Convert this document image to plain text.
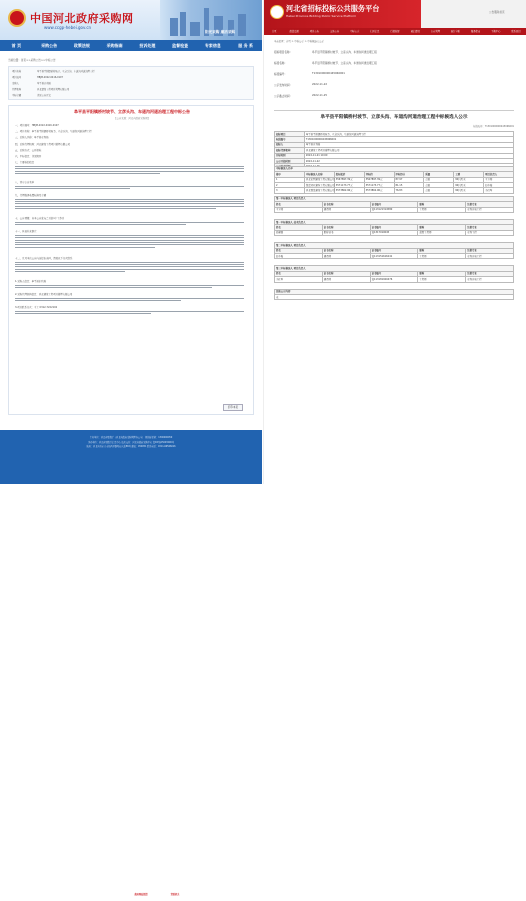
中国河北政府采购网
www.ccgp-hebei.gov.cn
阳光采购 廉洁采购
首 页	采购公告	政策法规	采购指南	投诉处理	监督检查	专家信息	服 务 系
当前位置：首页>>采购公告>>中标公告
项目名称	阜平县平阳镇桥村坡节、立彦头沟、车道沟河道治理工程
项目编号	HBJM-2022-0416-0107
采购人	阜平县水利局
代理机构	河北建设工程项目管理有限公司
中标金额	详见公告正文
阜平县平阳镇桥村坡节、立彦头沟、车道沟河道治理工程中标公告
【公告来源：河北省政府采购网】
打印本页
一、项目编号：HBJM-2022-0416-0107
二、项目名称：阜平县平阳镇桥村坡节、立彦头沟、车道沟河道治理工程
三、采购人名称：阜平县水利局
四、采购代理机构：河北建设工程项目管理有限公司
五、采购方式：公开招标
六、中标信息：详见附件
七、主要标的信息
八、评审专家名单
九、代理服务收费标准及金额
十、公告期限：自本公告发布之日起1个工作日
十一、其他补充事宜
十二、凡对本次公告内容提出询问，请按以下方式联系
1.采购人信息：阜平县水利局
2.采购代理机构信息：河北建设工程项目管理有限公司
3.项目联系方式：王工 0312-7222102
主办单位：河北省财政厅（河北省政府采购管理办公室） 网站标识码：1300000059
承办单位：河北省财政厅信息中心 技术支持：河北省政府采购中心 冀ICP备05003290号
地址：河北省石家庄市桥西区维明南大街88号 邮编：050051 联系电话：0311-66566016
政府网站找错	党政机关
河北省招标投标公共服务平台
Hebei Province Bidding Public Service Platform
公告服务首页
首页	政策法规	项目公告	交易公告	中标公示	信用信息	行政监督	诚信建设	专家管理	统计分析	服务指南	下载中心	联系我们
当前位置：首页 > 中标公示 > 中标候选人公示
招标项目名称：	阜平县平阳镇桥村坡节、立彦头沟、车道沟河道治理工程
标段名称：	阜平县平阳镇桥村坡节、立彦头沟、车道沟河道治理工程
标段编号：	T1301000000445066001
公示发布时间：	2022-11-22
公示截止时间：	2022-11-25
阜平县平阳镇桥村坡节、立彦头沟、车道沟河道治理工程中标候选人公示
标段编号：T1301000000445066001
招标项目	阜平县平阳镇桥村坡节、立彦头沟、车道沟河道治理工程
标段编号	T1301000000445066001
招标人	阜平县水利局
招标代理机构	河北建设工程项目管理有限公司
开标时间	2022-11-21 10:00
公示开始时间	2022-11-22

中标候选人名单							
排序	中标候选人名称	投标报价	评标价	评标得分	质量	工期	项目负责人
1	河北宏图建设工程有限公司	3567897.39元	3567897.39元	87.97	合格	90日历天	王立明
2	保定鸿业建筑工程有限公司	3571173.77元	3571173.77元	81.15	合格	90日历天	赵冬梅
3	河北鼎晟建设工程有限公司	3573862.96元	3573862.96元	76.83	合格	90日历天	李红军
第一中标候选人 项目负责人				
姓名	证书名称	证书编号	职称	注册专业
王立明	建造师	冀113121314580	工程师	水利水电工程
第一中标候选人 技术负责人				
姓名	证书名称	证书编号	职称	注册专业
孙建国	职称证书	冀1317010045	高级工程师	水利工程
第二中标候选人 项目负责人				
姓名	证书名称	证书编号	职称	注册专业
赵冬梅	建造师	冀113151616241	工程师	水利水电工程
第三中标候选人 项目负责人				
姓名	证书名称	证书编号	职称	注册专业
李红军	建造师	冀113181920476	工程师	水利水电工程
其他公示内容
无
